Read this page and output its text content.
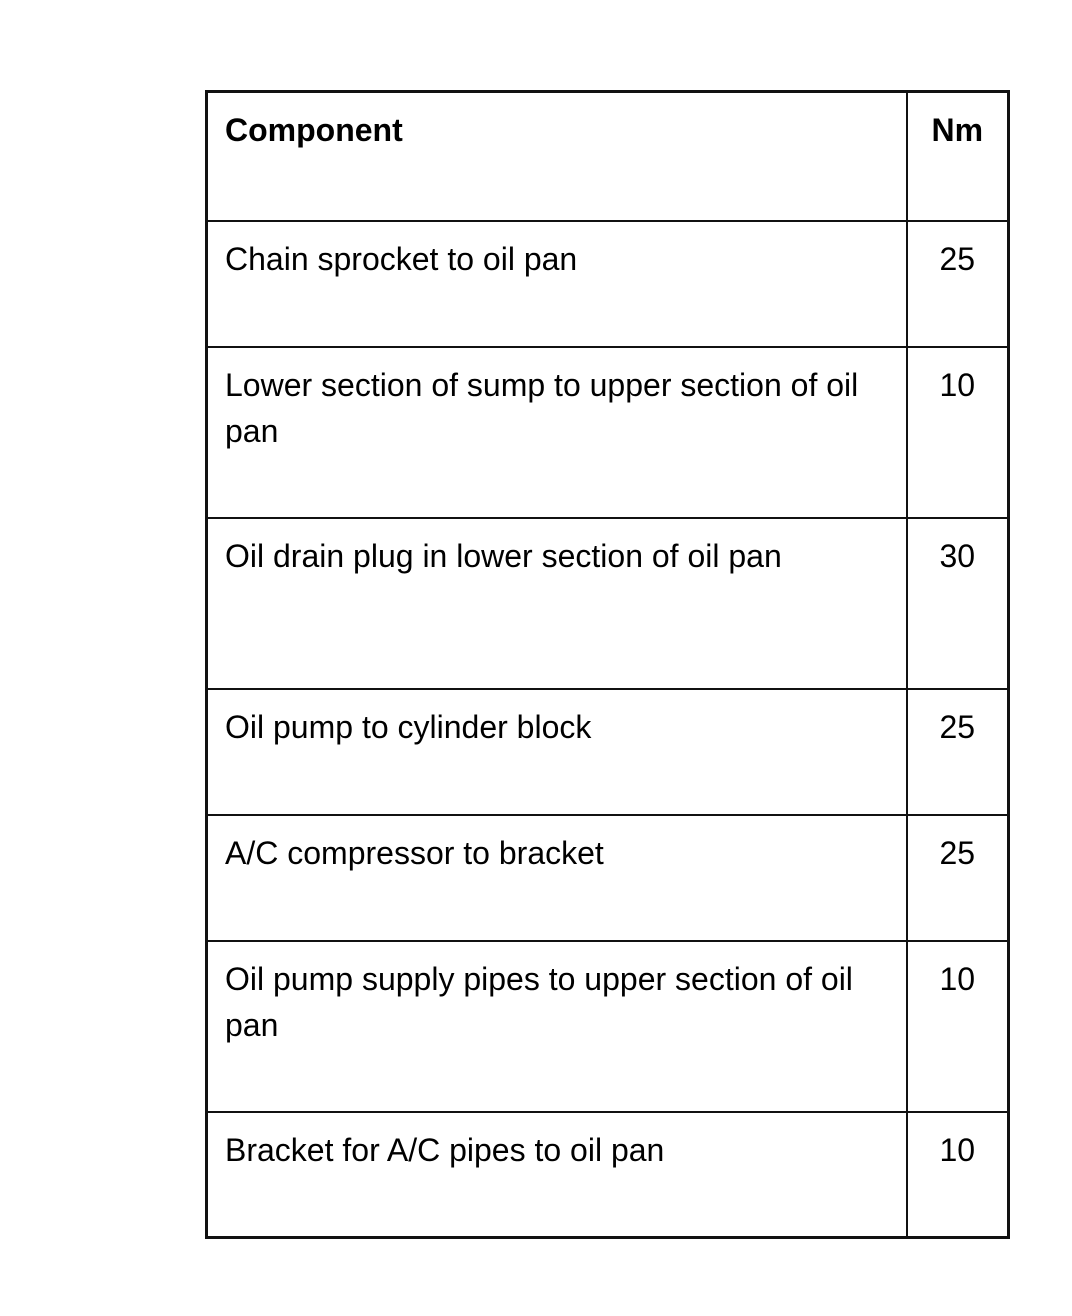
Component	Nm
Chain sprocket to oil pan	25
Lower section of sump to upper section of oil pan	10
Oil drain plug in lower section of oil pan	30
Oil pump to cylinder block	25
A/C compressor to bracket	25
Oil pump supply pipes to upper section of oil pan	10
Bracket for A/C pipes to oil pan	10
